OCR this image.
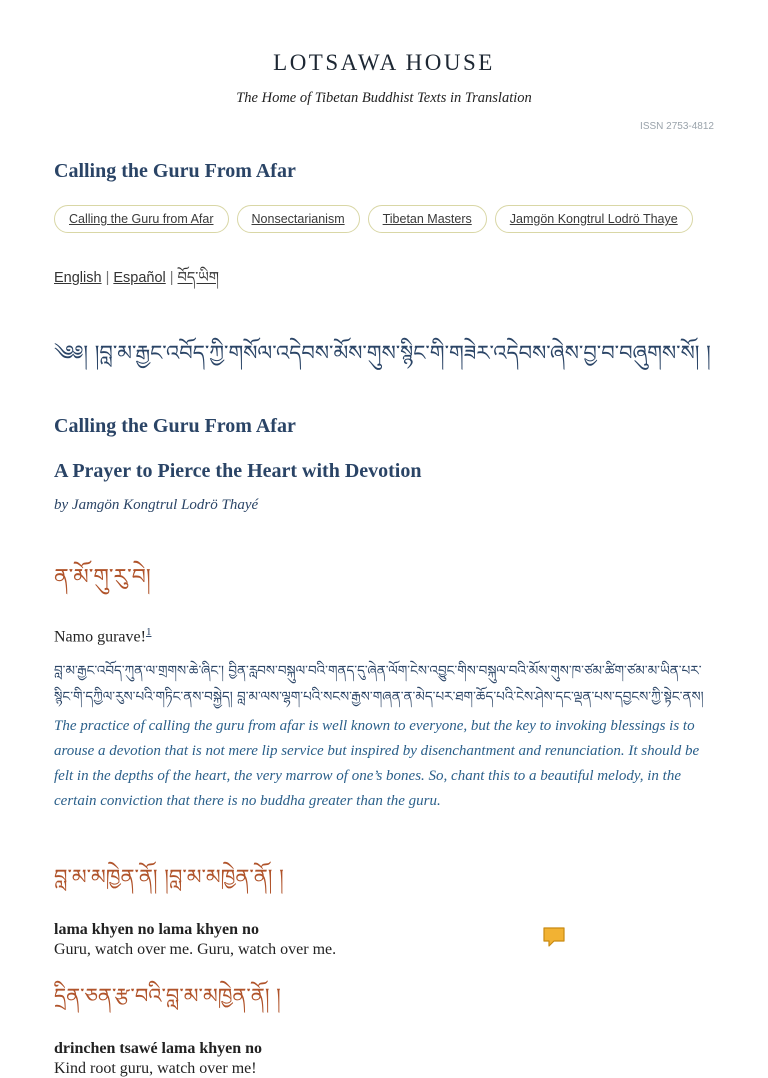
LOTSAWA HOUSE
The Home of Tibetan Buddhist Texts in Translation
ISSN 2753-4812
Calling the Guru From Afar
Calling the Guru from Afar	Nonsectarianism	Tibetan Masters	Jamgön Kongtrul Lodrö Thaye
English | Español | བོད་ཡིག
༄༅། །བླ་མ་རྒྱང་འབོད་ཀྱི་གསོལ་འདེབས་མོས་གུས་སྙིང་གི་གཟེར་འདེབས་ཞེས་བྱ་བ་བཞུགས་སོ། །
Calling the Guru From Afar
A Prayer to Pierce the Heart with Devotion
by Jamgön Kongtrul Lodrö Thayé
ན་མོ་གུ་རུ་བེ།
Namo gurave!$^1$
བླ་མ་རྒྱང་འབོད་ཀུན་ལ་གྲགས་ཆེ་ཞིང་། བྱིན་རླབས་བསྐུལ་བའི་གནད་དུ་ཞེན་ལོག་ངེས་འབྱུང་གིས་བསྐུལ་བའི་མོས་གུས་ཁ་ཙམ་ཚིག་ཙམ་མ་ཡིན་པར་སྙིང་གི་དཀྱིལ་རུས་པའི་གཏིང་ནས་བསྐྱེད། བླ་མ་ལས་ལྷག་པའི་སངས་རྒྱས་གཞན་ན་མེད་པར་ཐག་ཆོད་པའི་ངེས་ཤེས་དང་ལྡན་པས་དབྱངས་ཀྱི་སྟེང་ནས།
The practice of calling the guru from afar is well known to everyone, but the key to invoking blessings is to arouse a devotion that is not mere lip service but inspired by disenchantment and renunciation. It should be felt in the depths of the heart, the very marrow of one’s bones. So, chant this to a beautiful melody, in the certain conviction that there is no buddha greater than the guru.
བླ་མ་མཁྱེན་ནོ། །བླ་མ་མཁྱེན་ནོ། །
lama khyen no lama khyen no
Guru, watch over me. Guru, watch over me.
དྲིན་ཅན་རྩ་བའི་བླ་མ་མཁྱེན་ནོ། །
drinchen tsawé lama khyen no
Kind root guru, watch over me!
